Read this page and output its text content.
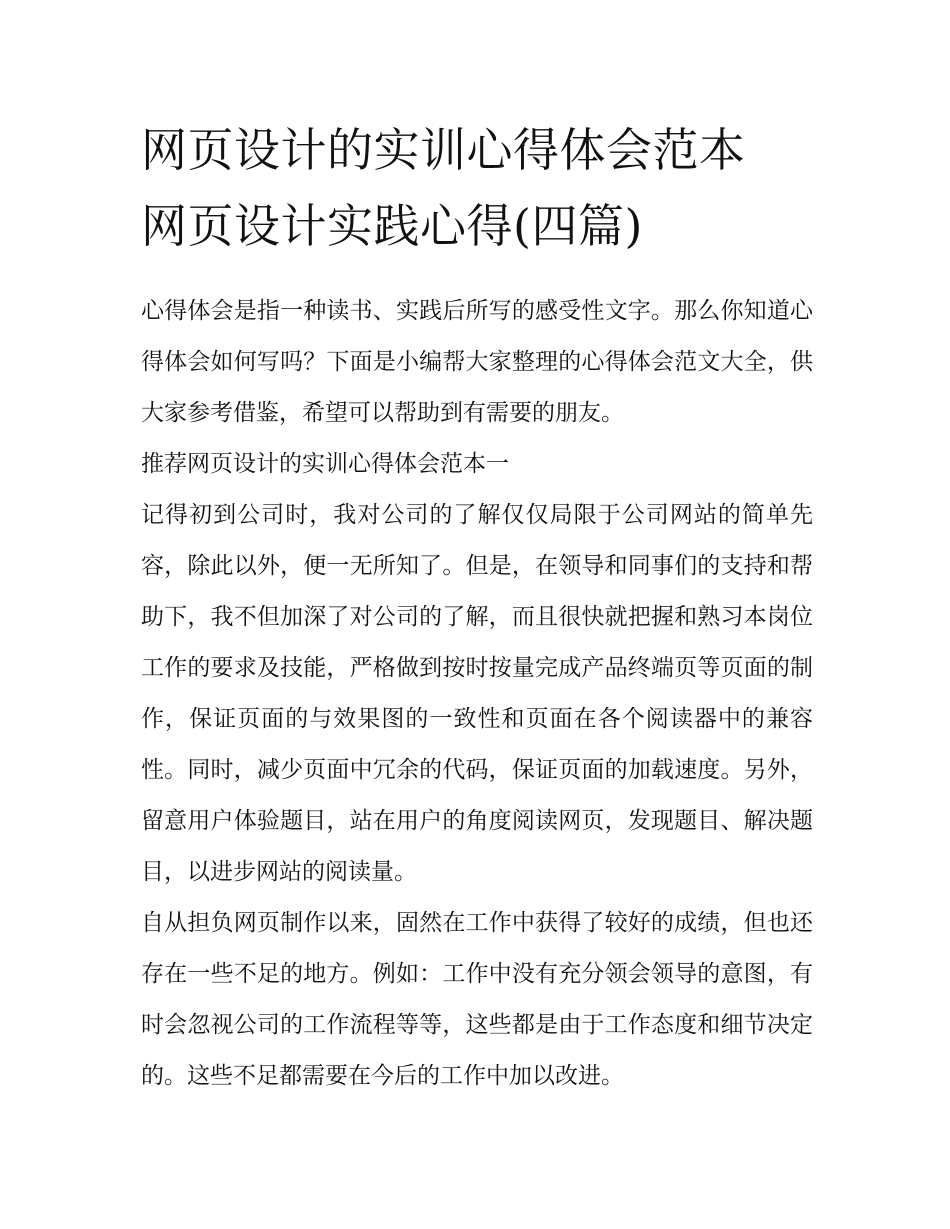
网页设计的实训心得体会范本
网页设计实践心得(四篇)

心得体会是指一种读书、实践后所写的感受性文字。那么你知道心得体会如何写吗？下面是小编帮大家整理的心得体会范文大全，供大家参考借鉴，希望可以帮助到有需要的朋友。

推荐网页设计的实训心得体会范本一

记得初到公司时，我对公司的了解仅仅局限于公司网站的简单先容，除此以外，便一无所知了。但是，在领导和同事们的支持和帮助下，我不但加深了对公司的了解，而且很快就把握和熟习本岗位工作的要求及技能，严格做到按时按量完成产品终端页等页面的制作，保证页面的与效果图的一致性和页面在各个阅读器中的兼容性。同时，减少页面中冗余的代码，保证页面的加载速度。另外，留意用户体验题目，站在用户的角度阅读网页，发现题目、解决题目，以进步网站的阅读量。

自从担负网页制作以来，固然在工作中获得了较好的成绩，但也还存在一些不足的地方。例如：工作中没有充分领会领导的意图，有时会忽视公司的工作流程等等，这些都是由于工作态度和细节决定的。这些不足都需要在今后的工作中加以改进。
